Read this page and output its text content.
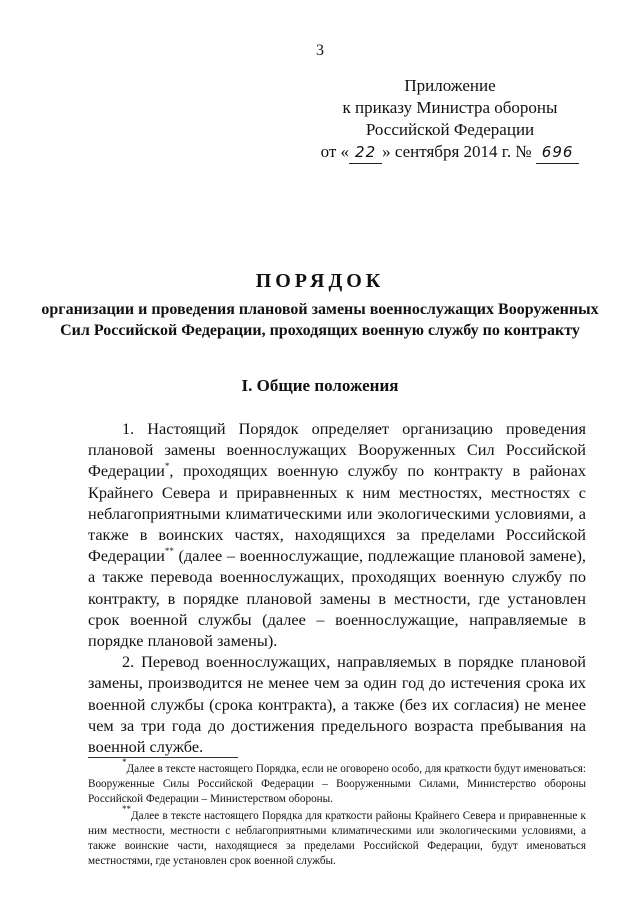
3
Приложение
к приказу Министра обороны
Российской Федерации
от « 22 » сентября 2014 г. № 696
ПОРЯДОК
организации и проведения плановой замены военнослужащих Вооруженных Сил Российской Федерации, проходящих военную службу по контракту
I. Общие положения

1. Настоящий Порядок определяет организацию проведения плановой замены военнослужащих Вооруженных Сил Российской Федерации*, проходящих военную службу по контракту в районах Крайнего Севера и приравненных к ним местностях, местностях с неблагоприятными климатическими или экологическими условиями, а также в воинских частях, находящихся за пределами Российской Федерации** (далее – военнослужащие, подлежащие плановой замене), а также перевода военнослужащих, проходящих военную службу по контракту, в порядке плановой замены в местности, где установлен срок военной службы (далее – военнослужащие, направляемые в порядке плановой замены).

2. Перевод военнослужащих, направляемых в порядке плановой замены, производится не менее чем за один год до истечения срока их военной службы (срока контракта), а также (без их согласия) не менее чем за три года до достижения предельного возраста пребывания на военной службе.

*Далее в тексте настоящего Порядка, если не оговорено особо, для краткости будут именоваться: Вооруженные Силы Российской Федерации – Вооруженными Силами, Министерство обороны Российской Федерации – Министерством обороны.

**Далее в тексте настоящего Порядка для краткости районы Крайнего Севера и приравненные к ним местности, местности с неблагоприятными климатическими или экологическими условиями, а также воинские части, находящиеся за пределами Российской Федерации, будут именоваться местностями, где установлен срок военной службы.
